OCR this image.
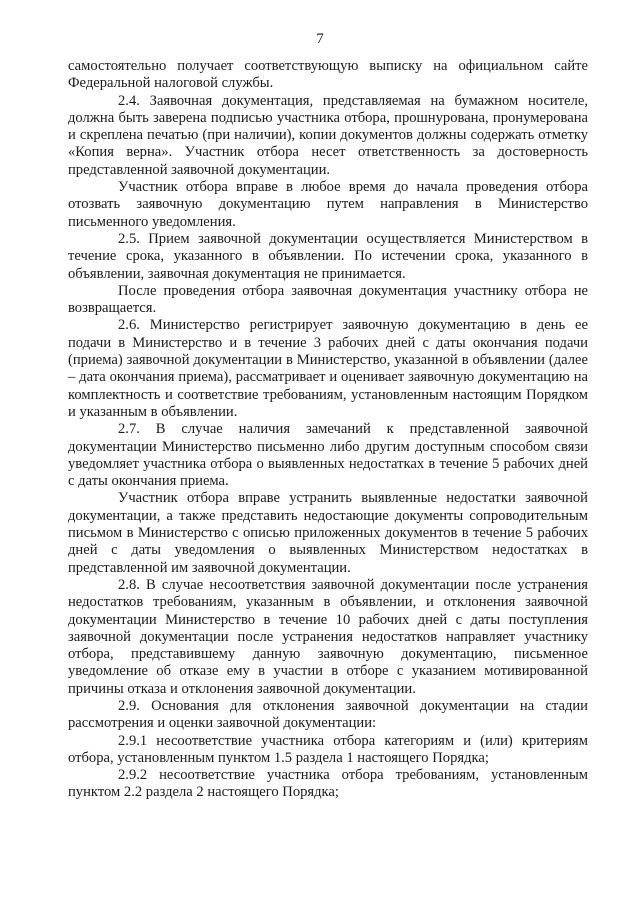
7

самостоятельно получает соответствующую выписку на официальном сайте Федеральной налоговой службы.

2.4. Заявочная документация, представляемая на бумажном носителе, должна быть заверена подписью участника отбора, прошнурована, пронумерована и скреплена печатью (при наличии), копии документов должны содержать отметку «Копия верна». Участник отбора несет ответственность за достоверность представленной заявочной документации.

Участник отбора вправе в любое время до начала проведения отбора отозвать заявочную документацию путем направления в Министерство письменного уведомления.

2.5. Прием заявочной документации осуществляется Министерством в течение срока, указанного в объявлении. По истечении срока, указанного в объявлении, заявочная документация не принимается.

После проведения отбора заявочная документация участнику отбора не возвращается.

2.6. Министерство регистрирует заявочную документацию в день ее подачи в Министерство и в течение 3 рабочих дней с даты окончания подачи (приема) заявочной документации в Министерство, указанной в объявлении (далее – дата окончания приема), рассматривает и оценивает заявочную документацию на комплектность и соответствие требованиям, установленным настоящим Порядком и указанным в объявлении.

2.7. В случае наличия замечаний к представленной заявочной документации Министерство письменно либо другим доступным способом связи уведомляет участника отбора о выявленных недостатках в течение 5 рабочих дней с даты окончания приема.

Участник отбора вправе устранить выявленные недостатки заявочной документации, а также представить недостающие документы сопроводительным письмом в Министерство с описью приложенных документов в течение 5 рабочих дней с даты уведомления о выявленных Министерством недостатках в представленной им заявочной документации.

2.8. В случае несоответствия заявочной документации после устранения недостатков требованиям, указанным в объявлении, и отклонения заявочной документации Министерство в течение 10 рабочих дней с даты поступления заявочной документации после устранения недостатков направляет участнику отбора, представившему данную заявочную документацию, письменное уведомление об отказе ему в участии в отборе с указанием мотивированной причины отказа и отклонения заявочной документации.

2.9. Основания для отклонения заявочной документации на стадии рассмотрения и оценки заявочной документации:

2.9.1 несоответствие участника отбора категориям и (или) критериям отбора, установленным пунктом 1.5 раздела 1 настоящего Порядка;

2.9.2 несоответствие участника отбора требованиям, установленным пунктом 2.2 раздела 2 настоящего Порядка;
